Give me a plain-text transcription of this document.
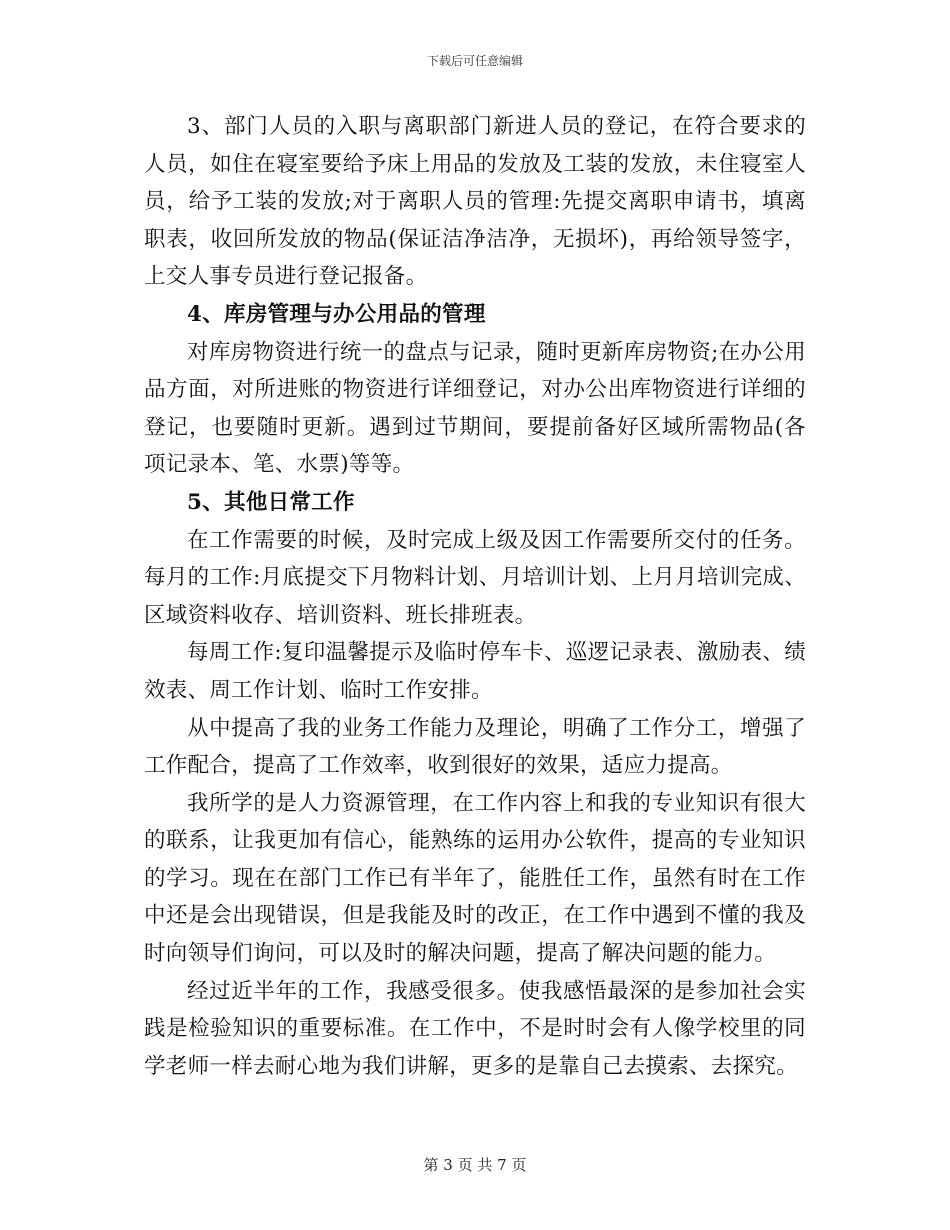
下载后可任意编辑

3、部门人员的入职与离职部门新进人员的登记，在符合要求的人员，如住在寝室要给予床上用品的发放及工装的发放，未住寝室人员，给予工装的发放;对于离职人员的管理:先提交离职申请书，填离职表，收回所发放的物品(保证洁净洁净，无损坏)，再给领导签字，上交人事专员进行登记报备。

4、库房管理与办公用品的管理

对库房物资进行统一的盘点与记录，随时更新库房物资;在办公用品方面，对所进账的物资进行详细登记，对办公出库物资进行详细的登记，也要随时更新。遇到过节期间，要提前备好区域所需物品(各项记录本、笔、水票)等等。

5、其他日常工作

在工作需要的时候，及时完成上级及因工作需要所交付的任务。每月的工作:月底提交下月物料计划、月培训计划、上月月培训完成、区域资料收存、培训资料、班长排班表。

每周工作:复印温馨提示及临时停车卡、巡逻记录表、激励表、绩效表、周工作计划、临时工作安排。

从中提高了我的业务工作能力及理论，明确了工作分工，增强了工作配合，提高了工作效率，收到很好的效果，适应力提高。

我所学的是人力资源管理，在工作内容上和我的专业知识有很大的联系，让我更加有信心，能熟练的运用办公软件，提高的专业知识的学习。现在在部门工作已有半年了，能胜任工作，虽然有时在工作中还是会出现错误，但是我能及时的改正，在工作中遇到不懂的我及时向领导们询问，可以及时的解决问题，提高了解决问题的能力。

经过近半年的工作，我感受很多。使我感悟最深的是参加社会实践是检验知识的重要标准。在工作中，不是时时会有人像学校里的同学老师一样去耐心地为我们讲解，更多的是靠自己去摸索、去探究。

第 3 页 共 7 页
